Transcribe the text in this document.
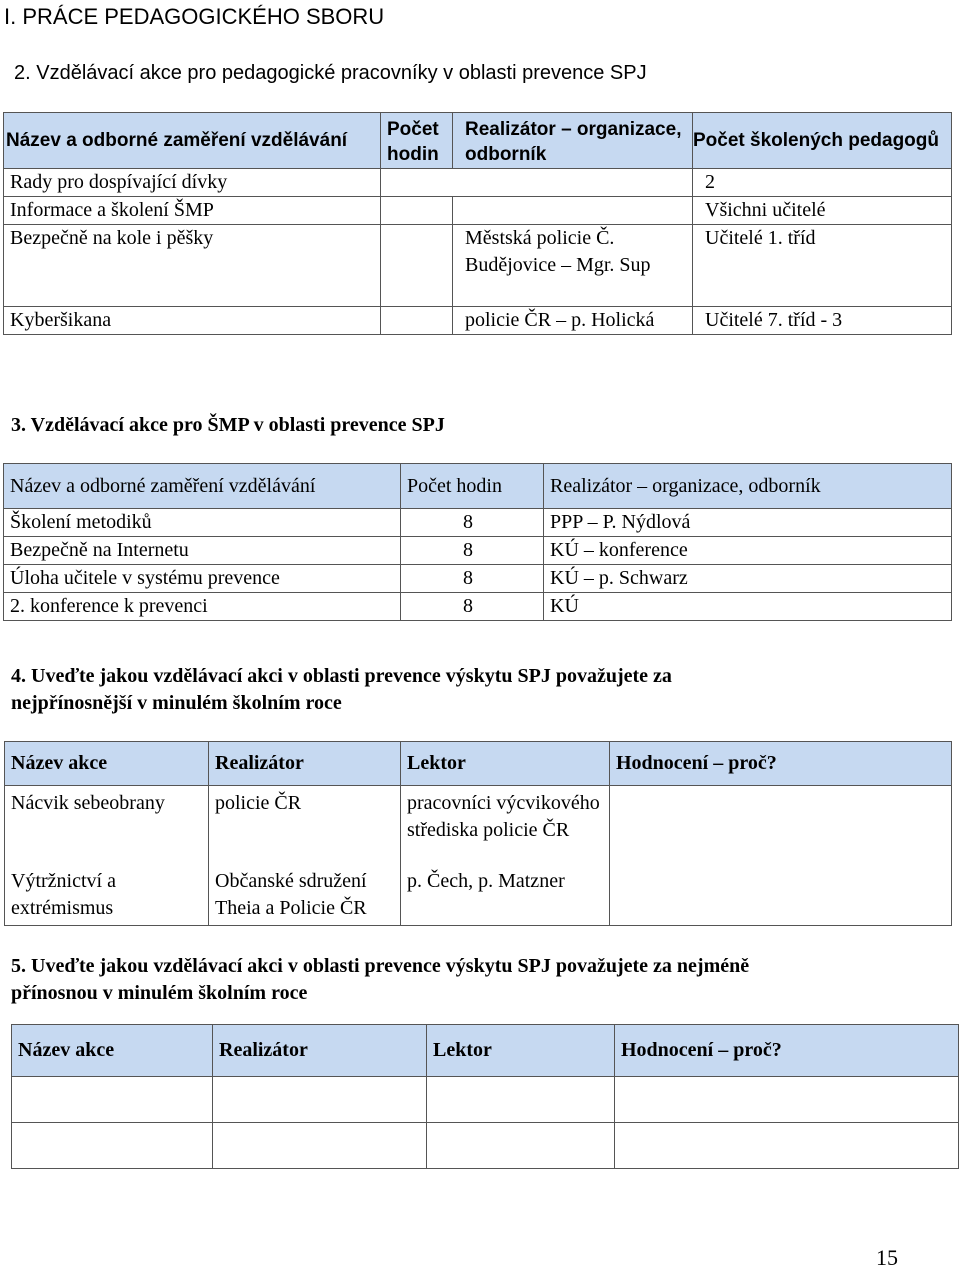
I. PRÁCE PEDAGOGICKÉHO SBORU
2. Vzdělávací akce pro pedagogické pracovníky v oblasti prevence SPJ
Název a odborné zaměření vzdělávání	Počet hodin	Realizátor – organizace, odborník	Počet školených pedagogů
Rady pro dospívající dívky			2
Informace a školení ŠMP			Všichni učitelé
Bezpečně na kole i pěšky		Městská policie Č. Budějovice – Mgr. Sup	Učitelé 1. tříd
Kyberšikana		policie ČR – p. Holická	Učitelé 7. tříd - 3
3. Vzdělávací akce pro ŠMP v oblasti prevence SPJ
Název a odborné zaměření vzdělávání	Počet hodin	Realizátor – organizace, odborník
Školení metodiků	8	PPP – P. Nýdlová
Bezpečně na Internetu	8	KÚ – konference
Úloha učitele v systému prevence	8	KÚ – p. Schwarz
2. konference k prevenci	8	KÚ
4. Uveďte jakou vzdělávací akci v oblasti prevence výskytu SPJ považujete za
nejpřínosnější v minulém školním roce
Název akce	Realizátor	Lektor	Hodnocení – proč?
Nácvik sebeobrany	policie ČR	pracovníci výcvikového střediska policie ČR	
Výtržnictví a extrémismus	Občanské sdružení Theia a Policie ČR	p. Čech, p. Matzner	
5. Uveďte jakou vzdělávací akci v oblasti prevence výskytu SPJ považujete za nejméně
přínosnou v minulém školním roce
Název akce	Realizátor	Lektor	Hodnocení – proč?

15
